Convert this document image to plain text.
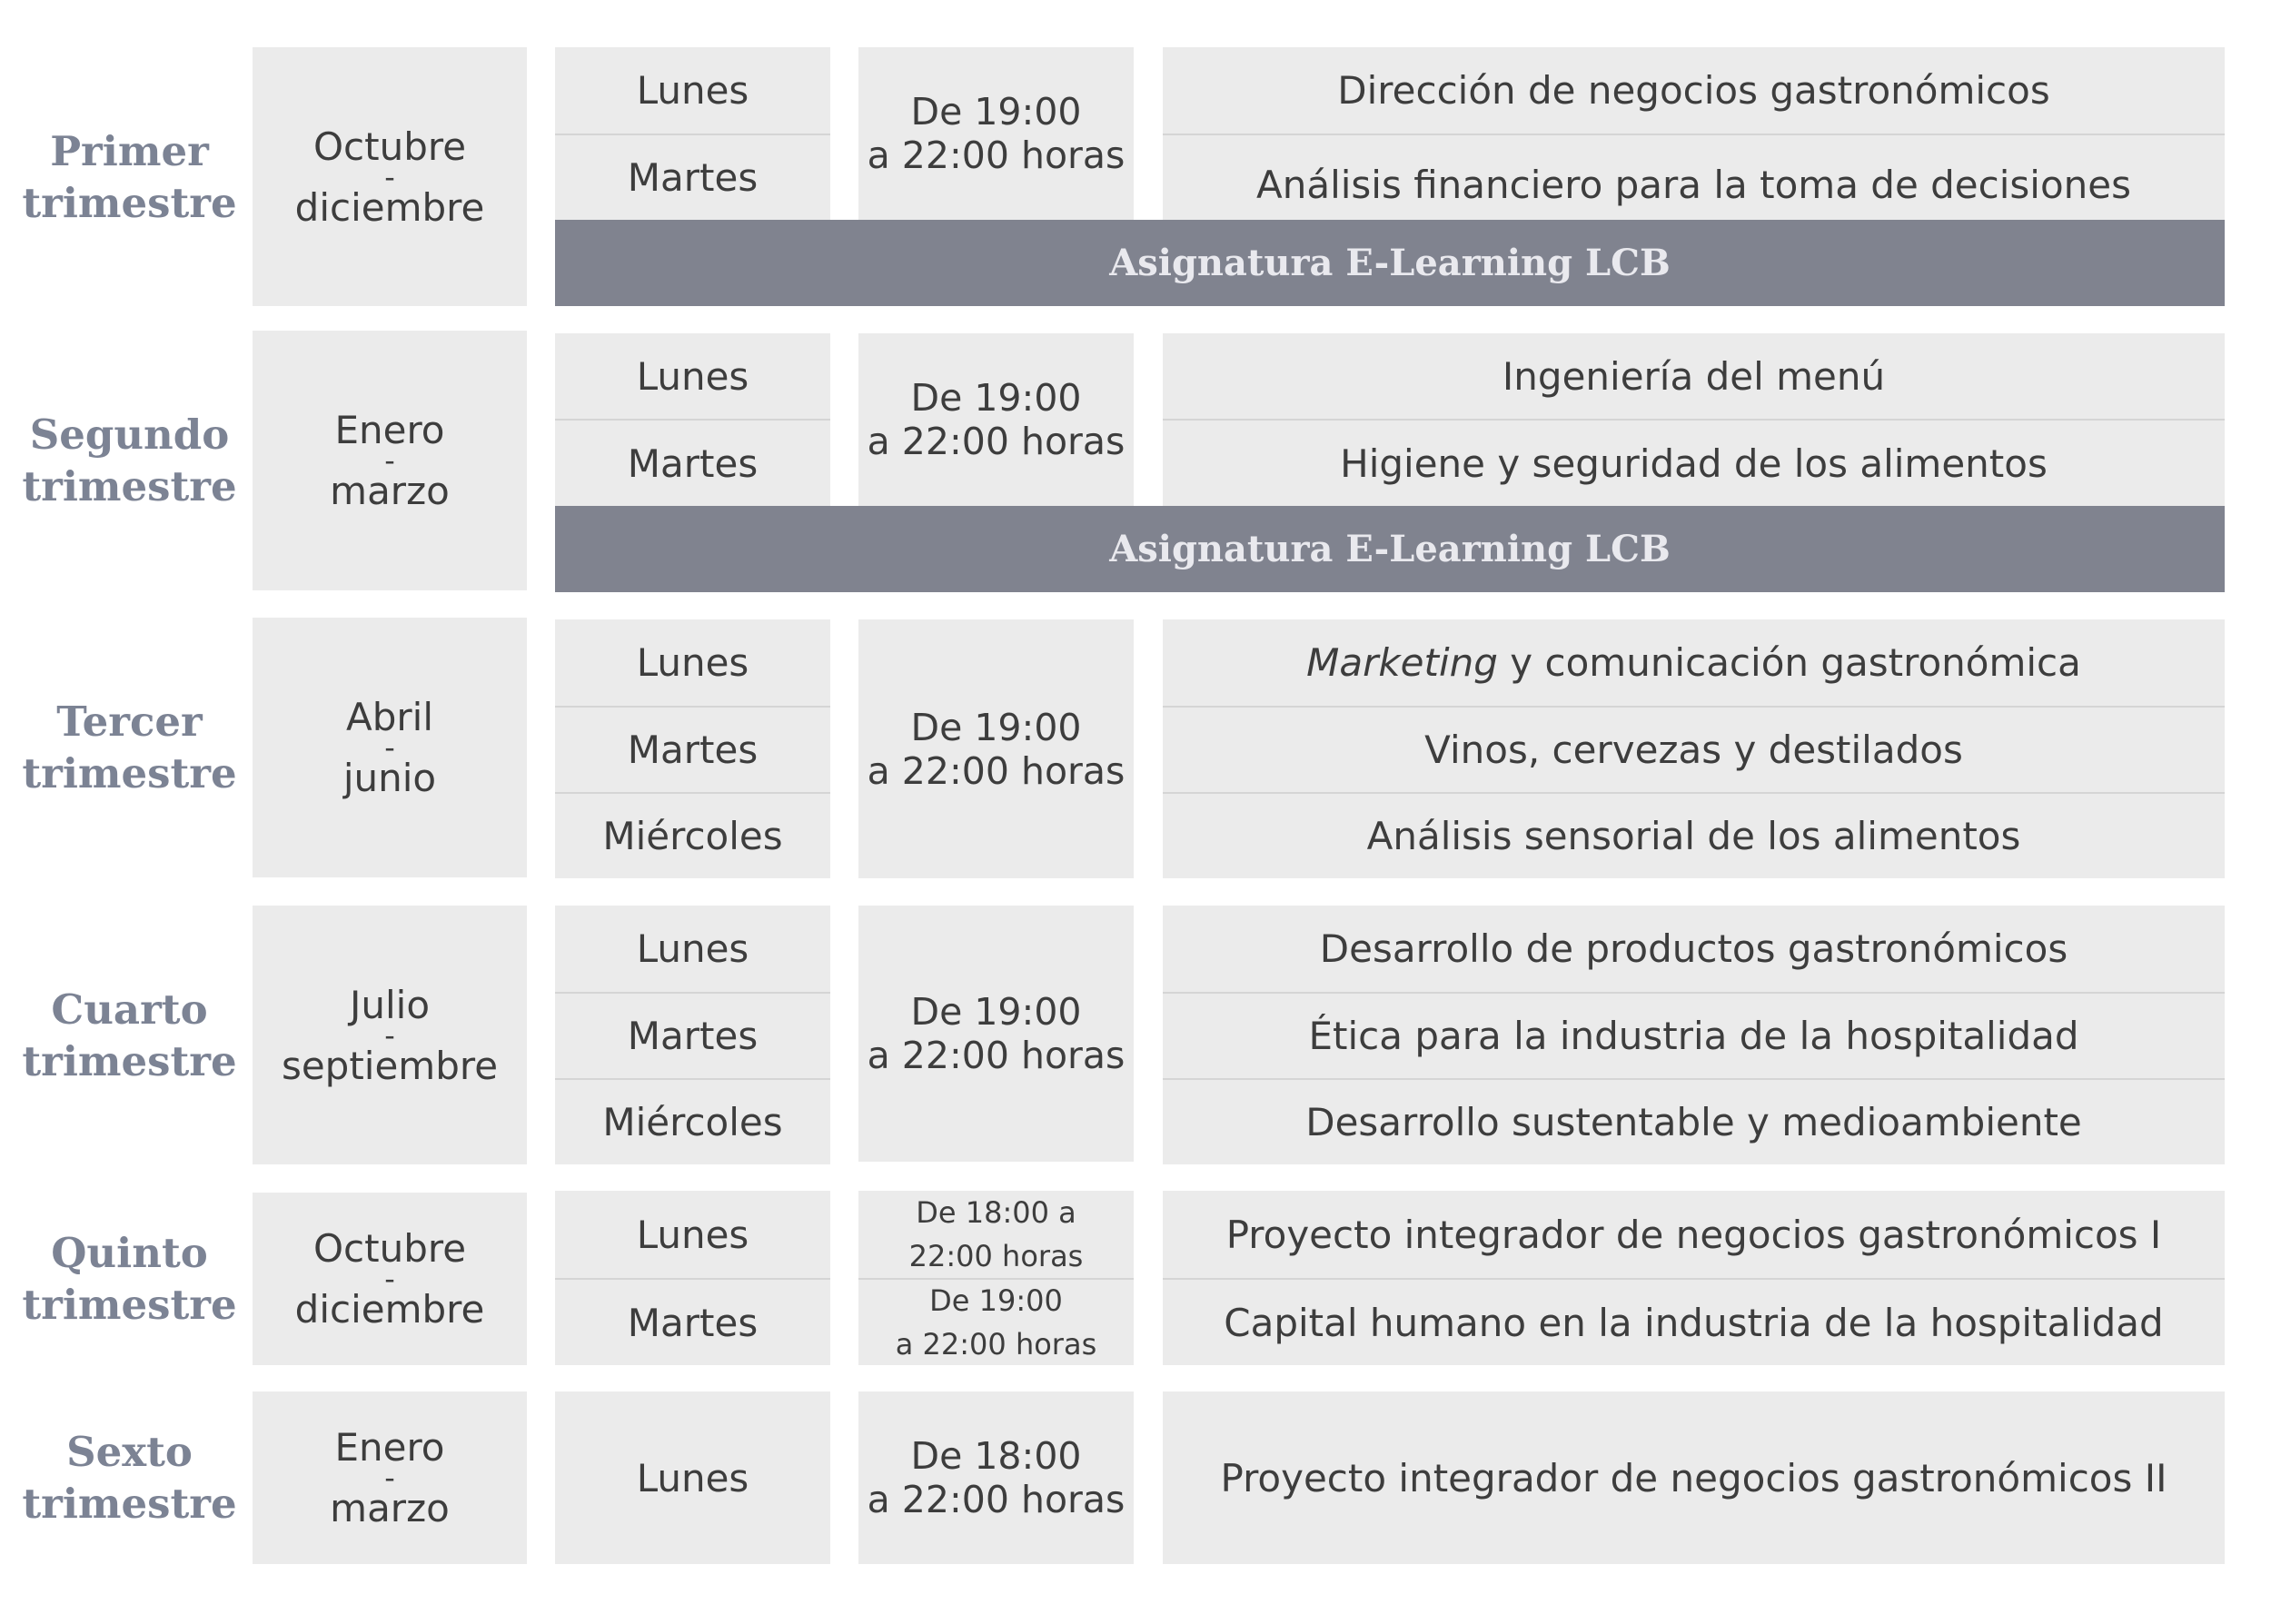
Primer
trimestre
Octubre
-
diciembre
Lunes
Martes
De 19:00
a 22:00 horas
Dirección de negocios gastronómicos
Análisis financiero para la toma de decisiones
Asignatura E-Learning LCB
Segundo
trimestre
Enero
-
marzo
Lunes
Martes
De 19:00
a 22:00 horas
Ingeniería del menú
Higiene y seguridad de los alimentos
Asignatura E-Learning LCB
Tercer
trimestre
Abril
-
junio
Lunes
Martes
Miércoles
De 19:00
a 22:00 horas
Marketing y comunicación gastronómica
Vinos, cervezas y destilados
Análisis sensorial de los alimentos
Cuarto
trimestre
Julio
-
septiembre
Lunes
Martes
Miércoles
De 19:00
a 22:00 horas
Desarrollo de productos gastronómicos
Ética para la industria de la hospitalidad
Desarrollo sustentable y medioambiente
Quinto
trimestre
Octubre
-
diciembre
Lunes
Martes
De 18:00 a
22:00 horas
De 19:00
a 22:00 horas
Proyecto integrador de negocios gastronómicos I
Capital humano en la industria de la hospitalidad
Sexto
trimestre
Enero
-
marzo
Lunes	De 18:00
a 22:00 horas	Proyecto integrador de negocios gastronómicos II
